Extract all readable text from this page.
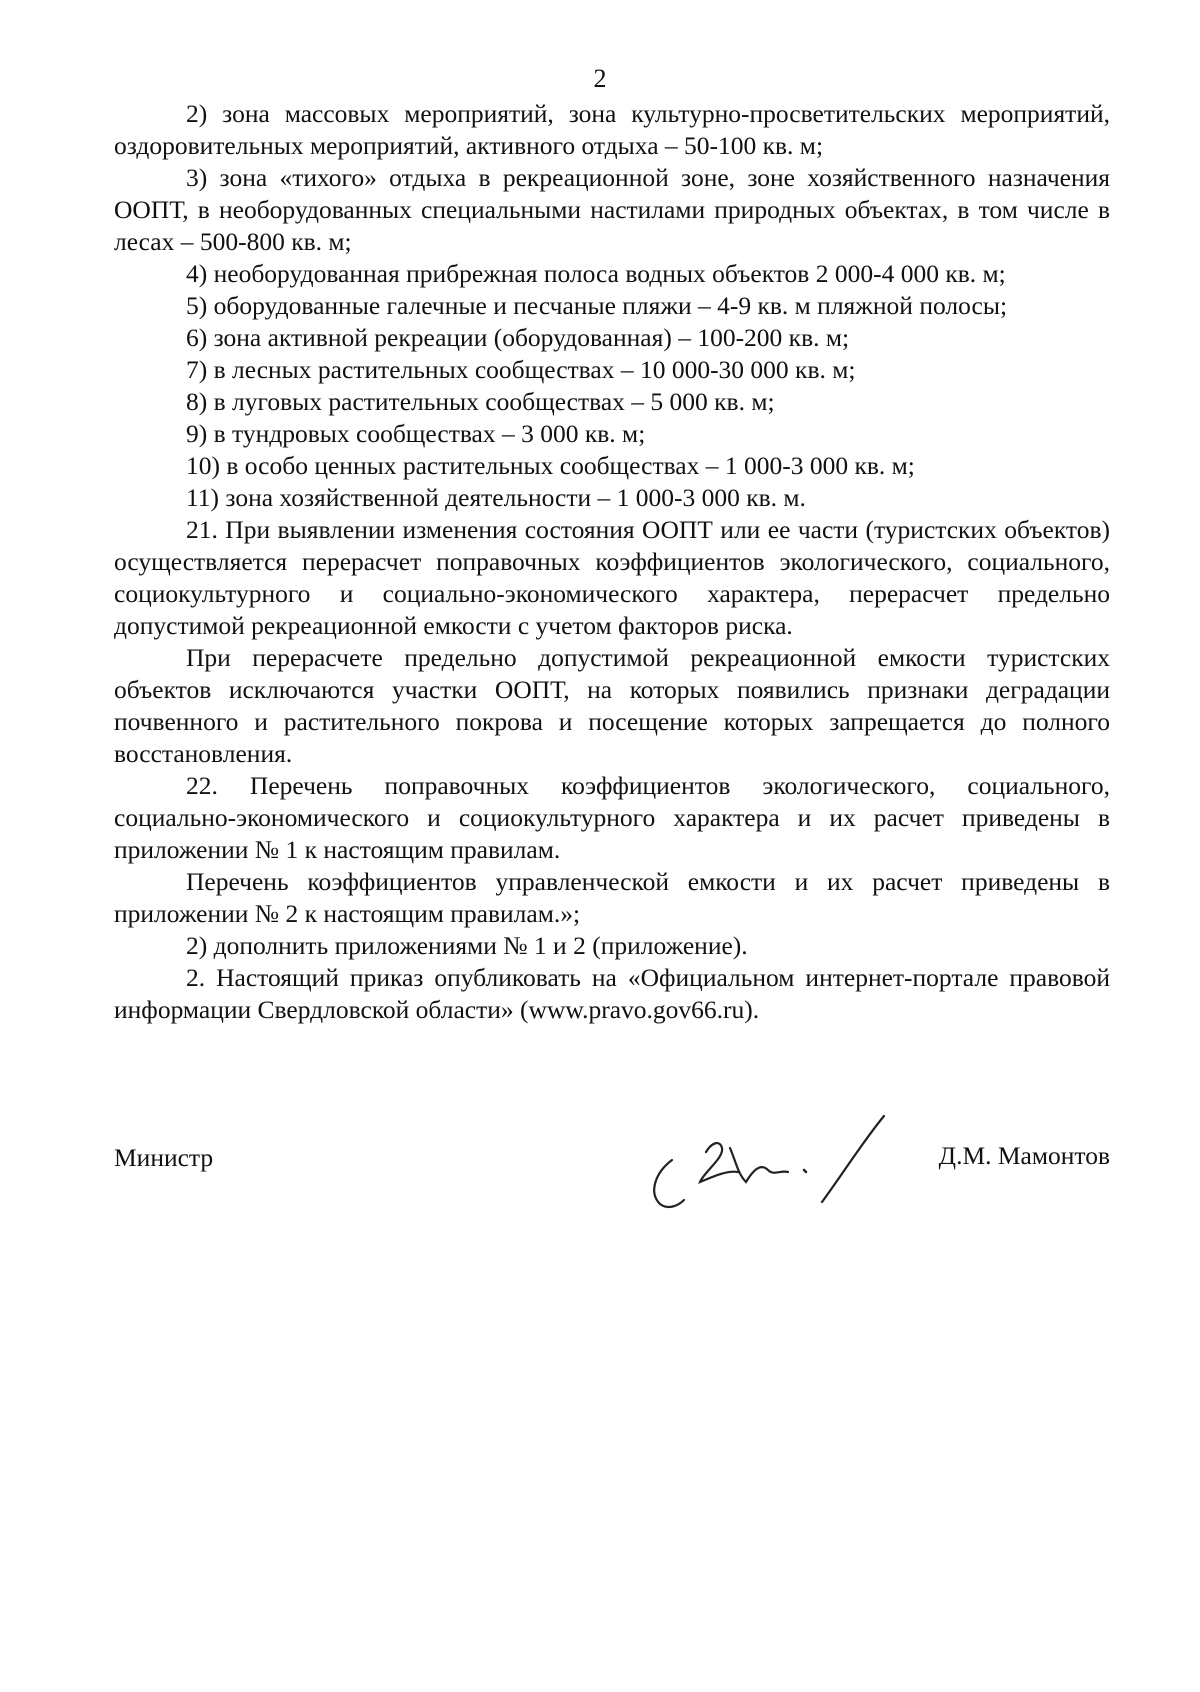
2

2) зона массовых мероприятий, зона культурно-просветительских мероприятий, оздоровительных мероприятий, активного отдыха – 50-100 кв. м;

3) зона «тихого» отдыха в рекреационной зоне, зоне хозяйственного назначения ООПТ, в необорудованных специальными настилами природных объектах, в том числе в лесах – 500-800 кв. м;

4) необорудованная прибрежная полоса водных объектов 2 000-4 000 кв. м;

5) оборудованные галечные и песчаные пляжи – 4-9 кв. м пляжной полосы;

6) зона активной рекреации (оборудованная) – 100-200 кв. м;

7) в лесных растительных сообществах – 10 000-30 000 кв. м;

8) в луговых растительных сообществах – 5 000 кв. м;

9) в тундровых сообществах – 3 000 кв. м;

10) в особо ценных растительных сообществах – 1 000-3 000 кв. м;

11) зона хозяйственной деятельности – 1 000-3 000 кв. м.

21. При выявлении изменения состояния ООПТ или ее части (туристских объектов) осуществляется перерасчет поправочных коэффициентов экологического, социального, социокультурного и социально-экономического характера, перерасчет предельно допустимой рекреационной емкости с учетом факторов риска.

При перерасчете предельно допустимой рекреационной емкости туристских объектов исключаются участки ООПТ, на которых появились признаки деградации почвенного и растительного покрова и посещение которых запрещается до полного восстановления.

22. Перечень поправочных коэффициентов экологического, социального, социально-экономического и социокультурного характера и их расчет приведены в приложении № 1 к настоящим правилам.

Перечень коэффициентов управленческой емкости и их расчет приведены в приложении № 2 к настоящим правилам.»;

2) дополнить приложениями № 1 и 2 (приложение).

2. Настоящий приказ опубликовать на «Официальном интернет-портале правовой информации Свердловской области» (www.pravo.gov66.ru).

Министр	Д.М. Мамонтов
